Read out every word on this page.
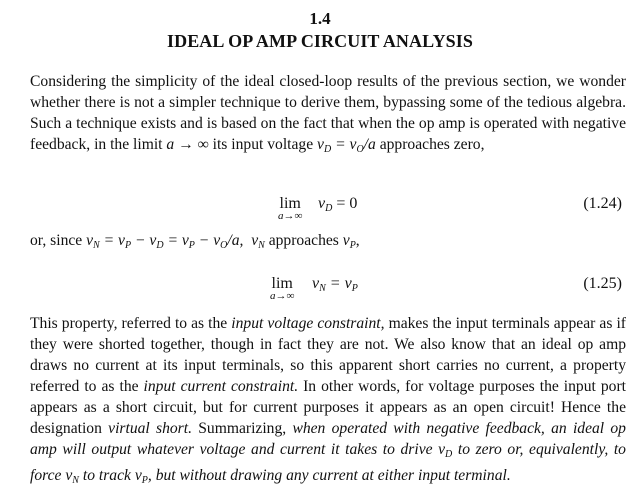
1.4
IDEAL OP AMP CIRCUIT ANALYSIS

Considering the simplicity of the ideal closed-loop results of the previous section, we wonder whether there is not a simpler technique to derive them, bypassing some of the tedious algebra. Such a technique exists and is based on the fact that when the op amp is operated with negative feedback, in the limit a → ∞ its input voltage $v_D = v_O/a$ approaches zero,

lim
a→∞
$v_D = 0$	(1.24)

or, since $v_N = v_P - v_D = v_P - v_O/a$, $v_N$ approaches $v_P$,

lim
a→∞
$v_N = v_P$	(1.25)

This property, referred to as the input voltage constraint, makes the input terminals appear as if they were shorted together, though in fact they are not. We also know that an ideal op amp draws no current at its input terminals, so this apparent short carries no current, a property referred to as the input current constraint. In other words, for voltage purposes the input port appears as a short circuit, but for current purposes it appears as an open circuit! Hence the designation virtual short. Summarizing, when operated with negative feedback, an ideal op amp will output whatever voltage and current it takes to drive $v_D$ to zero or, equivalently, to force $v_N$ to track $v_P$, but without drawing any current at either input terminal.
